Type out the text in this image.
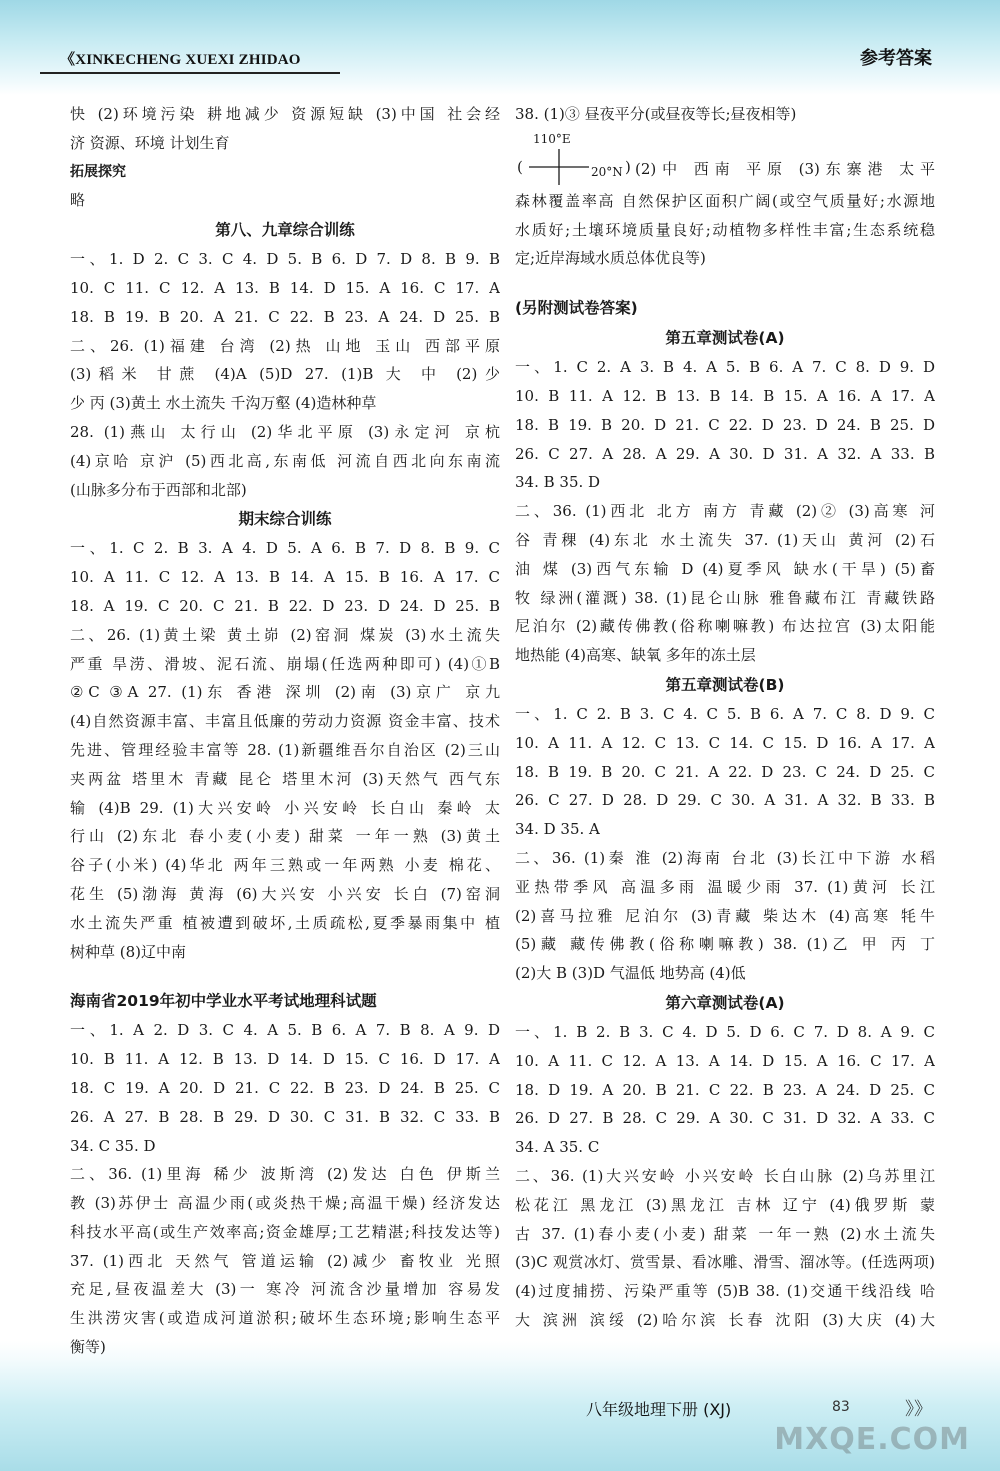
《XINKECHENG XUEXI ZHIDAO	参考答案
快 (2)环境污染 耕地减少 资源短缺 (3)中国 社会经
济 资源、环境 计划生育
拓展探究
略
第八、九章综合训练
一、1. D 2. C 3. C 4. D 5. B 6. D 7. D 8. B 9. B
10. C 11. C 12. A 13. B 14. D 15. A 16. C 17. A
18. B 19. B 20. A 21. C 22. B 23. A 24. D 25. B
二、26. (1)福建 台湾 (2)热 山地 玉山 西部平原
(3)稻米 甘蔗 (4)A (5)D 27. (1)B 大 中 (2)少
少 丙 (3)黄土 水土流失 千沟万壑 (4)造林种草
28. (1)燕山 太行山 (2)华北平原 (3)永定河 京杭
(4)京哈 京沪 (5)西北高,东南低 河流自西北向东南流
(山脉多分布于西部和北部)
期末综合训练
一、1. C 2. B 3. A 4. D 5. A 6. B 7. D 8. B 9. C
10. A 11. C 12. A 13. B 14. A 15. B 16. A 17. C
18. A 19. C 20. C 21. B 22. D 23. D 24. D 25. B
二、26. (1)黄土梁 黄土峁 (2)窑洞 煤炭 (3)水土流失
严重 旱涝、滑坡、泥石流、崩塌(任选两种即可) (4)①B
②C ③A 27. (1)东 香港 深圳 (2)南 (3)京广 京九
(4)自然资源丰富、丰富且低廉的劳动力资源 资金丰富、技术
先进、管理经验丰富等 28. (1)新疆维吾尔自治区 (2)三山
夹两盆 塔里木 青藏 昆仑 塔里木河 (3)天然气 西气东
输 (4)B 29. (1)大兴安岭 小兴安岭 长白山 秦岭 太
行山 (2)东北 春小麦(小麦) 甜菜 一年一熟 (3)黄土
谷子(小米) (4)华北 两年三熟或一年两熟 小麦 棉花、
花生 (5)渤海 黄海 (6)大兴安 小兴安 长白 (7)窑洞
水土流失严重 植被遭到破坏,土质疏松,夏季暴雨集中 植
树种草 (8)辽中南
海南省2019年初中学业水平考试地理科试题
一、1. A 2. D 3. C 4. A 5. B 6. A 7. B 8. A 9. D
10. B 11. A 12. B 13. D 14. D 15. C 16. D 17. A
18. C 19. A 20. D 21. C 22. B 23. D 24. B 25. C
26. A 27. B 28. B 29. D 30. C 31. B 32. C 33. B
34. C 35. D
二、36. (1)里海 稀少 波斯湾 (2)发达 白色 伊斯兰
教 (3)苏伊士 高温少雨(或炎热干燥;高温干燥) 经济发达
科技水平高(或生产效率高;资金雄厚;工艺精湛;科技发达等)
37. (1)西北 天然气 管道运输 (2)减少 畜牧业 光照
充足,昼夜温差大 (3)一 寒冷 河流含沙量增加 容易发
生洪涝灾害(或造成河道淤积;破坏生态环境;影响生态平
衡等)
38. (1)③ 昼夜平分(或昼夜等长;昼夜相等)
110°E
(	20°N ) (2)中 西南 平原 (3)东寨港 太平
森林覆盖率高 自然保护区面积广阔(或空气质量好;水源地
水质好;土壤环境质量良好;动植物多样性丰富;生态系统稳
定;近岸海域水质总体优良等)
(另附测试卷答案)
第五章测试卷(A)
一、1. C 2. A 3. B 4. A 5. B 6. A 7. C 8. D 9. D
10. B 11. A 12. B 13. B 14. B 15. A 16. A 17. A
18. B 19. B 20. D 21. C 22. D 23. D 24. B 25. D
26. C 27. A 28. A 29. A 30. D 31. A 32. A 33. B
34. B 35. D
二、36. (1)西北 北方 南方 青藏 (2)② (3)高寒 河
谷 青稞 (4)东北 水土流失 37. (1)天山 黄河 (2)石
油 煤 (3)西气东输 D (4)夏季风 缺水(干旱) (5)畜
牧 绿洲(灌溉) 38. (1)昆仑山脉 雅鲁藏布江 青藏铁路
尼泊尔 (2)藏传佛教(俗称喇嘛教) 布达拉宫 (3)太阳能
地热能 (4)高寒、缺氧 多年的冻土层
第五章测试卷(B)
一、1. C 2. B 3. C 4. C 5. B 6. A 7. C 8. D 9. C
10. A 11. A 12. C 13. C 14. C 15. D 16. A 17. A
18. B 19. B 20. C 21. A 22. D 23. C 24. D 25. C
26. C 27. D 28. D 29. C 30. A 31. A 32. B 33. B
34. D 35. A
二、36. (1)秦 淮 (2)海南 台北 (3)长江中下游 水稻
亚热带季风 高温多雨 温暖少雨 37. (1)黄河 长江
(2)喜马拉雅 尼泊尔 (3)青藏 柴达木 (4)高寒 牦牛
(5)藏 藏传佛教(俗称喇嘛教) 38. (1)乙 甲 丙 丁
(2)大 B (3)D 气温低 地势高 (4)低
第六章测试卷(A)
一、1. B 2. B 3. C 4. D 5. D 6. C 7. D 8. A 9. C
10. A 11. C 12. A 13. A 14. D 15. A 16. C 17. A
18. D 19. A 20. B 21. C 22. B 23. A 24. D 25. C
26. D 27. B 28. C 29. A 30. C 31. D 32. A 33. C
34. A 35. C
二、36. (1)大兴安岭 小兴安岭 长白山脉 (2)乌苏里江
松花江 黑龙江 (3)黑龙江 吉林 辽宁 (4)俄罗斯 蒙
古 37. (1)春小麦(小麦) 甜菜 一年一熟 (2)水土流失
(3)C 观赏冰灯、赏雪景、看冰雕、滑雪、溜冰等。(任选两项)
(4)过度捕捞、污染严重等 (5)B 38. (1)交通干线沿线 哈
大 滨洲 滨绥 (2)哈尔滨 长春 沈阳 (3)大庆 (4)大
八年级地理下册 (XJ)	83	》》
MXQE.COM
